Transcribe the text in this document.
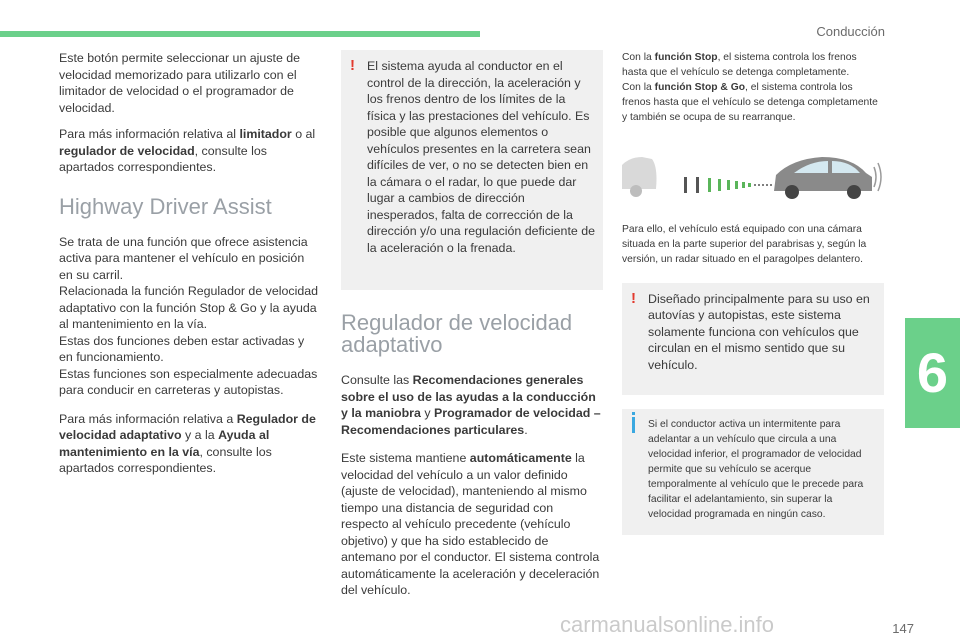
Conducción

Este botón permite seleccionar un ajuste de velocidad memorizado para utilizarlo con el limitador de velocidad o el programador de velocidad.

Para más información relativa al limitador o al regulador de velocidad, consulte los apartados correspondientes.

Highway Driver Assist

Se trata de una función que ofrece asistencia activa para mantener el vehículo en posición en su carril.
Relacionada la función Regulador de velocidad adaptativo con la función Stop & Go y la ayuda al mantenimiento en la vía.
Estas dos funciones deben estar activadas y en funcionamiento.
Estas funciones son especialmente adecuadas para conducir en carreteras y autopistas.

Para más información relativa a Regulador de velocidad adaptativo y a la Ayuda al mantenimiento en la vía, consulte los apartados correspondientes.

! El sistema ayuda al conductor en el control de la dirección, la aceleración y los frenos dentro de los límites de la física y las prestaciones del vehículo. Es posible que algunos elementos o vehículos presentes en la carretera sean difíciles de ver, o no se detecten bien en la cámara o el radar, lo que puede dar lugar a cambios de dirección inesperados, falta de corrección de la dirección y/o una regulación deficiente de la aceleración o la frenada.
Regulador de velocidad adaptativo

Consulte las Recomendaciones generales sobre el uso de las ayudas a la conducción y la maniobra y Programador de velocidad – Recomendaciones particulares.

Este sistema mantiene automáticamente la velocidad del vehículo a un valor definido (ajuste de velocidad), manteniendo al mismo tiempo una distancia de seguridad con respecto al vehículo precedente (vehículo objetivo) y que ha sido establecido de antemano por el conductor. El sistema controla automáticamente la aceleración y deceleración del vehículo.

Con la función Stop, el sistema controla los frenos hasta que el vehículo se detenga completamente.

Con la función Stop & Go, el sistema controla los frenos hasta que el vehículo se detenga completamente y también se ocupa de su rearranque.

Para ello, el vehículo está equipado con una cámara situada en la parte superior del parabrisas y, según la versión, un radar situado en el paragolpes delantero.

! Diseñado principalmente para su uso en autovías y autopistas, este sistema solamente funciona con vehículos que circulan en el mismo sentido que su vehículo.
Si el conductor activa un intermitente para adelantar a un vehículo que circula a una velocidad inferior, el programador de velocidad permite que su vehículo se acerque temporalmente al vehículo que le precede para facilitar el adelantamiento, sin superar la velocidad programada en ningún caso.
6
carmanualsonline.info	147
